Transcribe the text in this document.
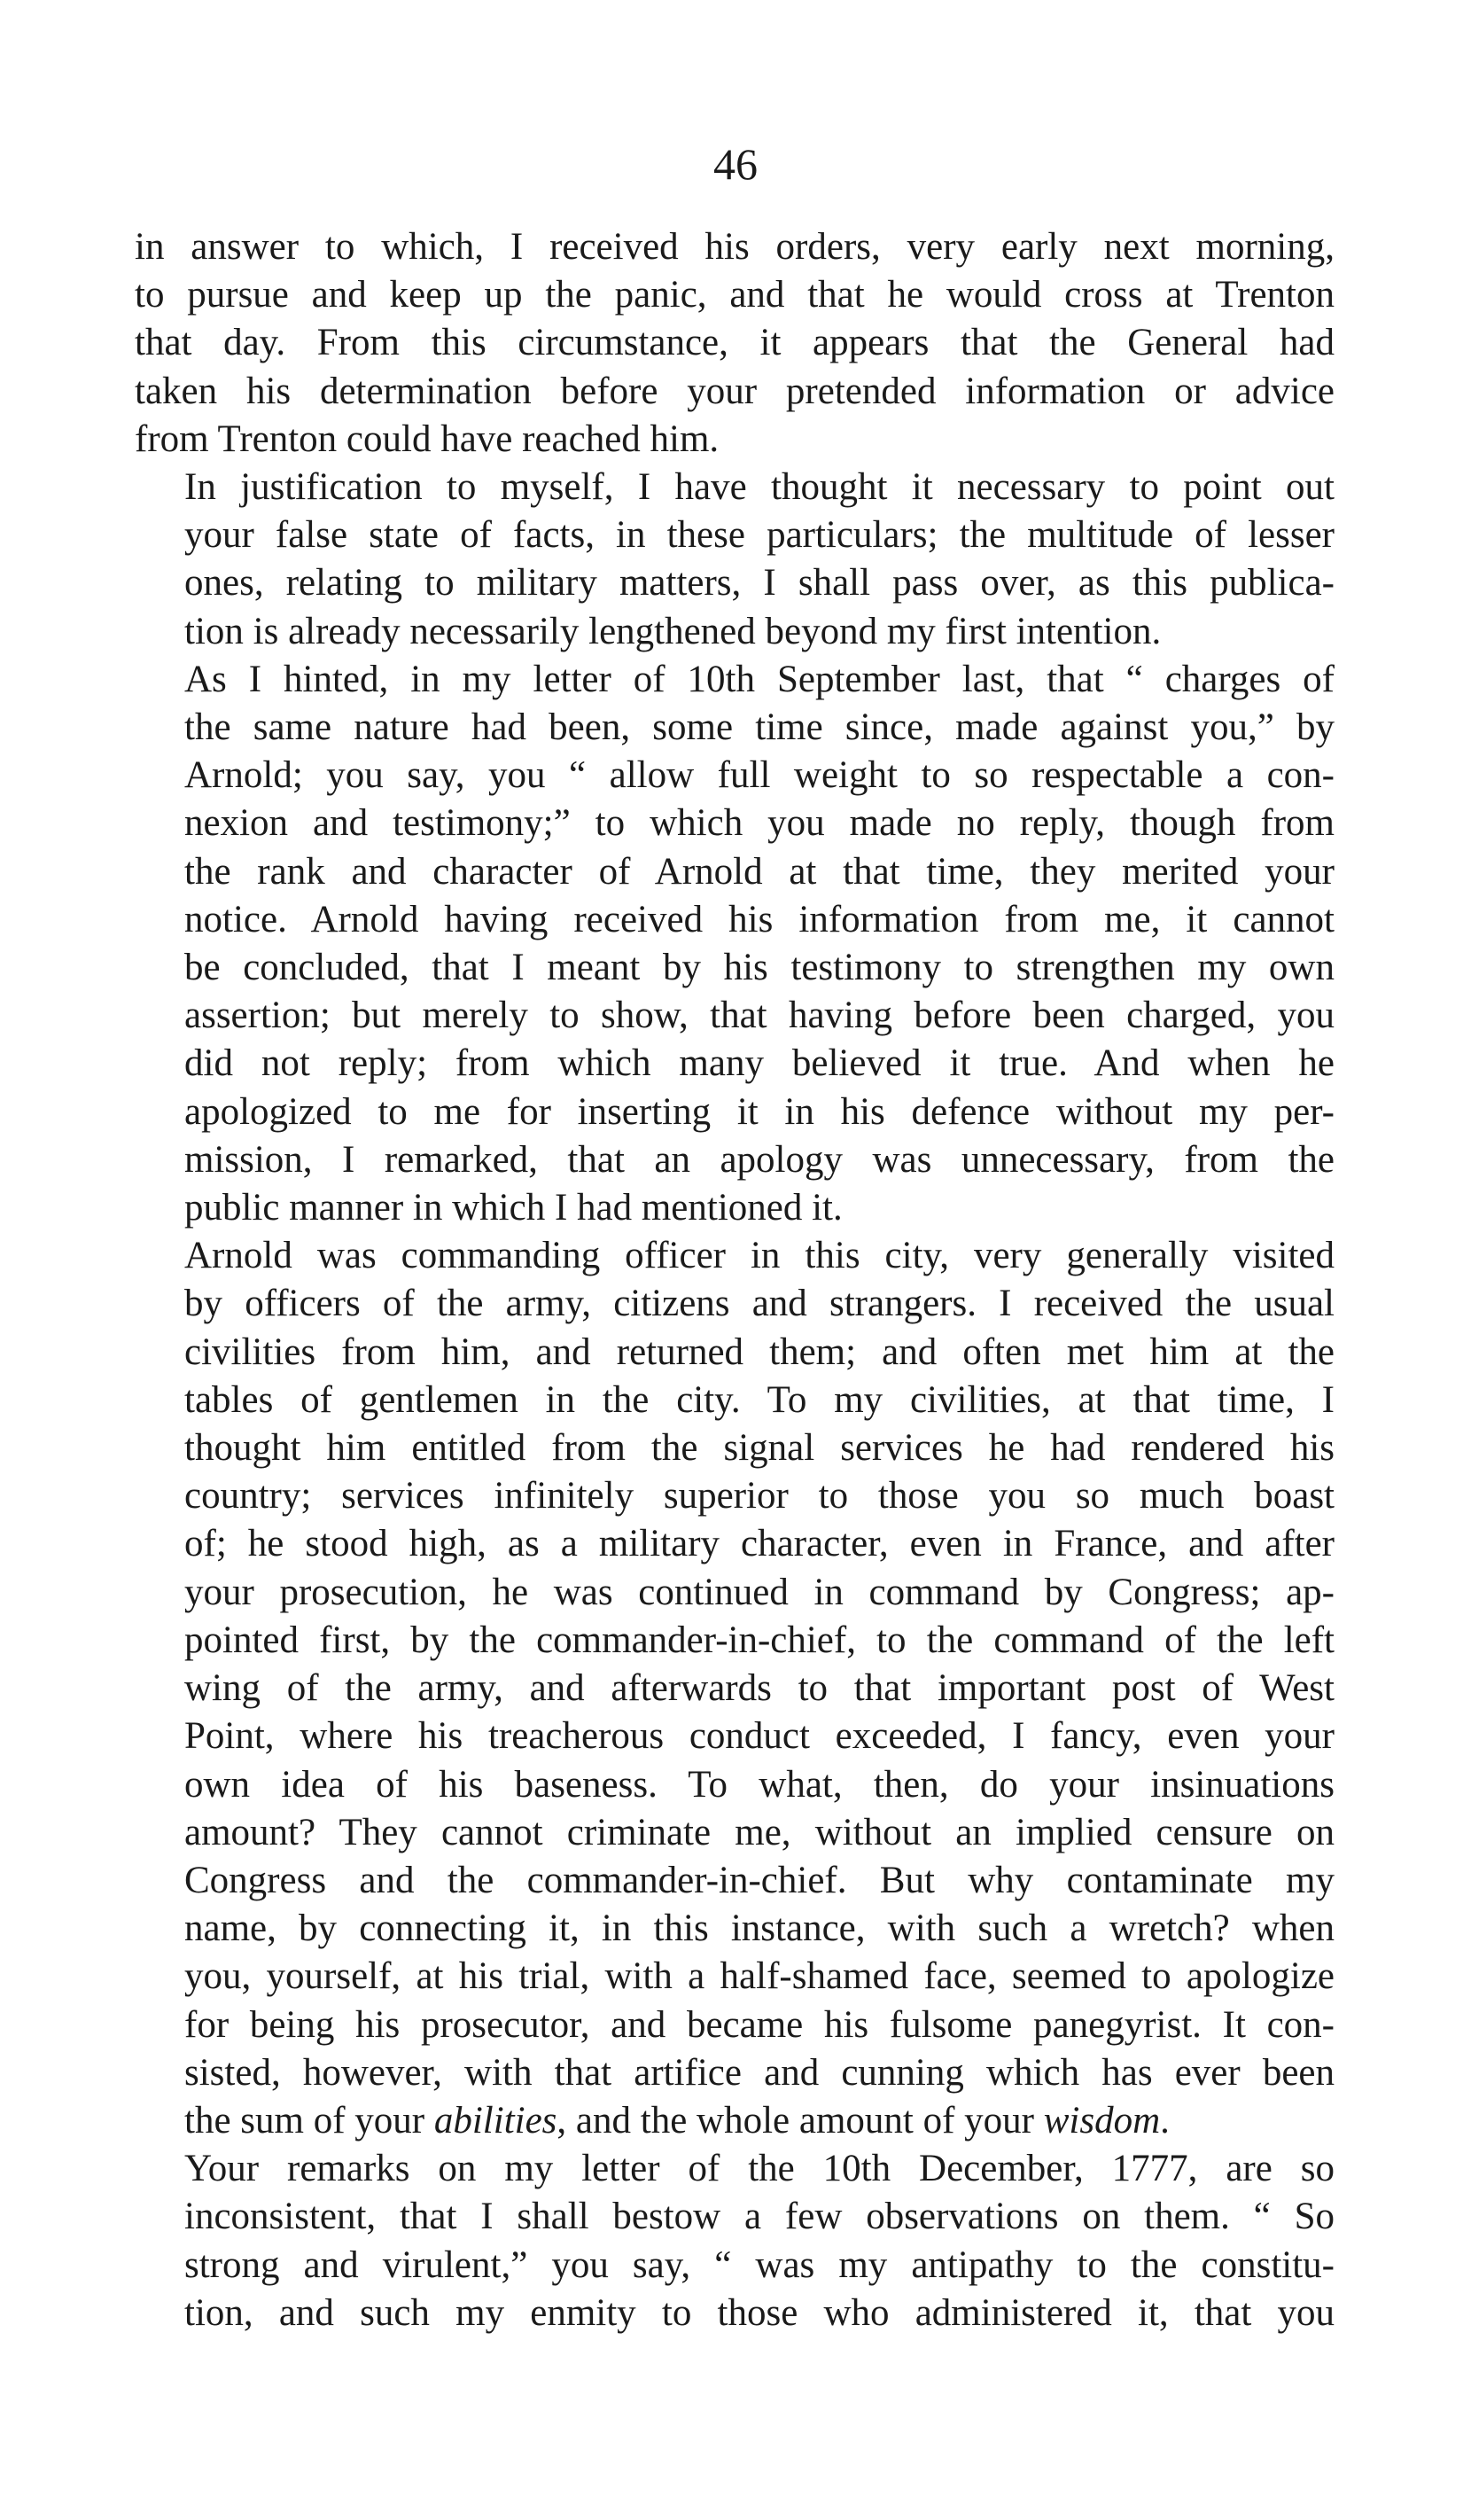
46

in answer to which, I received his orders, very early next morning,
to pursue and keep up the panic, and that he would cross at Trenton
that day. From this circumstance, it appears that the General had
taken his determination before your pretended information or advice
from Trenton could have reached him.

In justification to myself, I have thought it necessary to point out
your false state of facts, in these particulars; the multitude of lesser
ones, relating to military matters, I shall pass over, as this publica-
tion is already necessarily lengthened beyond my first intention.

As I hinted, in my letter of 10th September last, that “ charges of
the same nature had been, some time since, made against you,” by
Arnold; you say, you “ allow full weight to so respectable a con-
nexion and testimony;” to which you made no reply, though from
the rank and character of Arnold at that time, they merited your
notice. Arnold having received his information from me, it cannot
be concluded, that I meant by his testimony to strengthen my own
assertion; but merely to show, that having before been charged, you
did not reply; from which many believed it true. And when he
apologized to me for inserting it in his defence without my per-
mission, I remarked, that an apology was unnecessary, from the
public manner in which I had mentioned it.

Arnold was commanding officer in this city, very generally visited
by officers of the army, citizens and strangers. I received the usual
civilities from him, and returned them; and often met him at the
tables of gentlemen in the city. To my civilities, at that time, I
thought him entitled from the signal services he had rendered his
country; services infinitely superior to those you so much boast
of; he stood high, as a military character, even in France, and after
your prosecution, he was continued in command by Congress; ap-
pointed first, by the commander-in-chief, to the command of the left
wing of the army, and afterwards to that important post of West
Point, where his treacherous conduct exceeded, I fancy, even your
own idea of his baseness. To what, then, do your insinuations
amount? They cannot criminate me, without an implied censure on
Congress and the commander-in-chief. But why contaminate my
name, by connecting it, in this instance, with such a wretch? when
you, yourself, at his trial, with a half-shamed face, seemed to apologize
for being his prosecutor, and became his fulsome panegyrist. It con-
sisted, however, with that artifice and cunning which has ever been
the sum of your abilities, and the whole amount of your wisdom.

Your remarks on my letter of the 10th December, 1777, are so
inconsistent, that I shall bestow a few observations on them. “ So
strong and virulent,” you say, “ was my antipathy to the constitu-
tion, and such my enmity to those who administered it, that you
